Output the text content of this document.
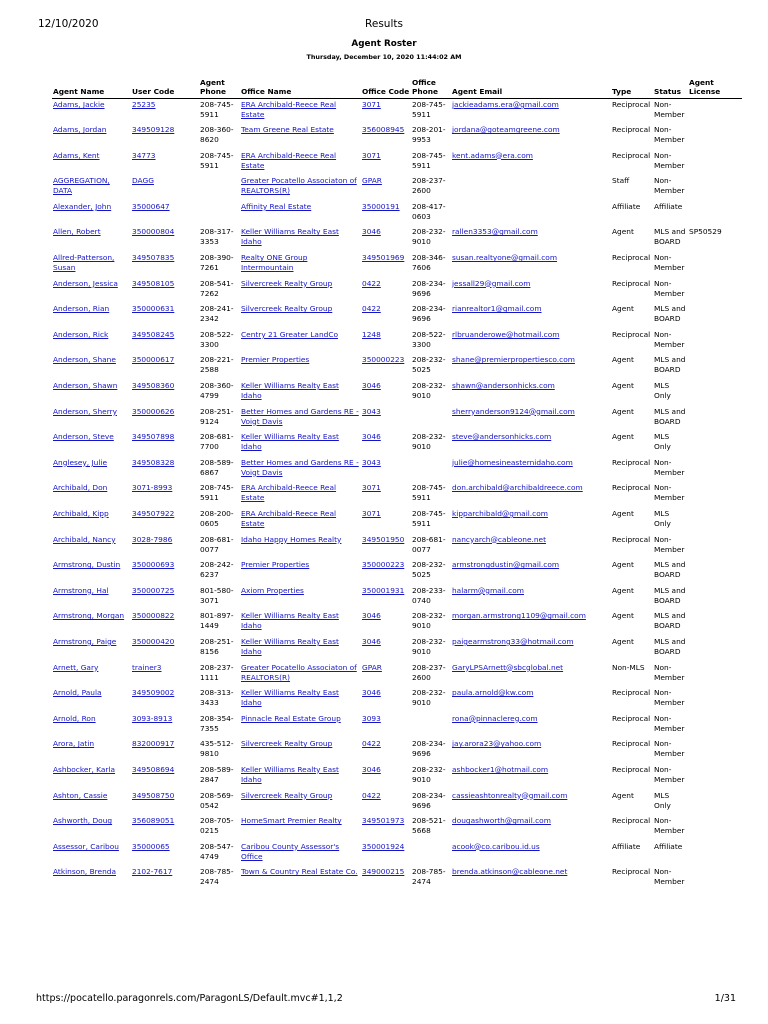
12/10/2020	Results
Agent Roster
Thursday, December 10, 2020 11:44:02 AM
Agent Name	User Code	Agent Phone	Office Name	Office Code	Office Phone	Agent Email	Type	Status	Agent License
Adams, Jackie	25235	208-745-5911	ERA Archibald-Reece Real Estate	3071	208-745-5911	jackieadams.era@gmail.com	Reciprocal	Non-Member	
Adams, Jordan	349509128	208-360-8620	Team Greene Real Estate	356008945	208-201-9953	jordana@goteamgreene.com	Reciprocal	Non-Member	
Adams, Kent	34773	208-745-5911	ERA Archibald-Reece Real Estate	3071	208-745-5911	kent.adams@era.com	Reciprocal	Non-Member	
AGGREGATION, DATA	DAGG		Greater Pocatello Associaton of REALTORS(R)	GPAR	208-237-2600		Staff	Non-Member	
Alexander, John	35000647		Affinity Real Estate	35000191	208-417-0603		Affiliate	Affiliate	
Allen, Robert	350000804	208-317-3353	Keller Williams Realty East Idaho	3046	208-232-9010	rallen3353@gmail.com	Agent	MLS and BOARD	SP50529
Allred-Patterson, Susan	349507835	208-390-7261	Realty ONE Group Intermountain	349501969	208-346-7606	susan.realtyone@gmail.com	Reciprocal	Non-Member	
Anderson, Jessica	349508105	208-541-7262	Silvercreek Realty Group	0422	208-234-9696	jessall29@gmail.com	Reciprocal	Non-Member	
Anderson, Rian	350000631	208-241-2342	Silvercreek Realty Group	0422	208-234-9696	rianrealtor1@gmail.com	Agent	MLS and BOARD	
Anderson, Rick	349508245	208-522-3300	Centry 21 Greater LandCo	1248	208-522-3300	rlbruanderowe@hotmail.com	Reciprocal	Non-Member	
Anderson, Shane	350000617	208-221-2588	Premier Properties	350000223	208-232-5025	shane@premierpropertiesco.com	Agent	MLS and BOARD	
Anderson, Shawn	349508360	208-360-4799	Keller Williams Realty East Idaho	3046	208-232-9010	shawn@andersonhicks.com	Agent	MLS Only	
Anderson, Sherry	350000626	208-251-9124	Better Homes and Gardens RE - Voigt Davis	3043		sherryanderson9124@gmail.com	Agent	MLS and BOARD	
Anderson, Steve	349507898	208-681-7700	Keller Williams Realty East Idaho	3046	208-232-9010	steve@andersonhicks.com	Agent	MLS Only	
Anglesey, Julie	349508328	208-589-6867	Better Homes and Gardens RE - Voigt Davis	3043		julie@homesineasternidaho.com	Reciprocal	Non-Member	
Archibald, Don	3071-8993	208-745-5911	ERA Archibald-Reece Real Estate	3071	208-745-5911	don.archibald@archibaldreece.com	Reciprocal	Non-Member	
Archibald, Kipp	349507922	208-200-0605	ERA Archibald-Reece Real Estate	3071	208-745-5911	kipparchibald@gmail.com	Agent	MLS Only	
Archibald, Nancy	3028-7986	208-681-0077	Idaho Happy Homes Realty	349501950	208-681-0077	nancyarch@cableone.net	Reciprocal	Non-Member	
Armstrong, Dustin	350000693	208-242-6237	Premier Properties	350000223	208-232-5025	armstrongdustin@gmail.com	Agent	MLS and BOARD	
Armstrong, Hal	350000725	801-580-3071	Axiom Properties	350001931	208-233-0740	halarm@gmail.com	Agent	MLS and BOARD	
Armstrong, Morgan	350000822	801-897-1449	Keller Williams Realty East Idaho	3046	208-232-9010	morgan.armstrong1109@gmail.com	Agent	MLS and BOARD	
Armstrong, Paige	350000420	208-251-8156	Keller Williams Realty East Idaho	3046	208-232-9010	paigearmstrong33@hotmail.com	Agent	MLS and BOARD	
Arnett, Gary	trainer3	208-237-1111	Greater Pocatello Associaton of REALTORS(R)	GPAR	208-237-2600	GaryLPSArnett@sbcglobal.net	Non-MLS	Non-Member	
Arnold, Paula	349509002	208-313-3433	Keller Williams Realty East Idaho	3046	208-232-9010	paula.arnold@kw.com	Reciprocal	Non-Member	
Arnold, Ron	3093-8913	208-354-7355	Pinnacle Real Estate Group	3093		rona@pinnaclereg.com	Reciprocal	Non-Member	
Arora, Jatin	832000917	435-512-9810	Silvercreek Realty Group	0422	208-234-9696	jay.arora23@yahoo.com	Reciprocal	Non-Member	
Ashbocker, Karla	349508694	208-589-2847	Keller Williams Realty East Idaho	3046	208-232-9010	ashbocker1@hotmail.com	Reciprocal	Non-Member	
Ashton, Cassie	349508750	208-569-0542	Silvercreek Realty Group	0422	208-234-9696	cassieashtonrealty@gmail.com	Agent	MLS Only	
Ashworth, Doug	356089051	208-705-0215	HomeSmart Premier Realty	349501973	208-521-5668	dougashworth@gmail.com	Reciprocal	Non-Member	
Assessor, Caribou	35000065	208-547-4749	Caribou County Assessor's Office	350001924		acook@co.caribou.id.us	Affiliate	Affiliate	
Atkinson, Brenda	2102-7617	208-785-2474	Town & Country Real Estate Co.	349000215	208-785-2474	brenda.atkinson@cableone.net	Reciprocal	Non-Member	
https://pocatello.paragonrels.com/ParagonLS/Default.mvc#1,1,2	1/31
